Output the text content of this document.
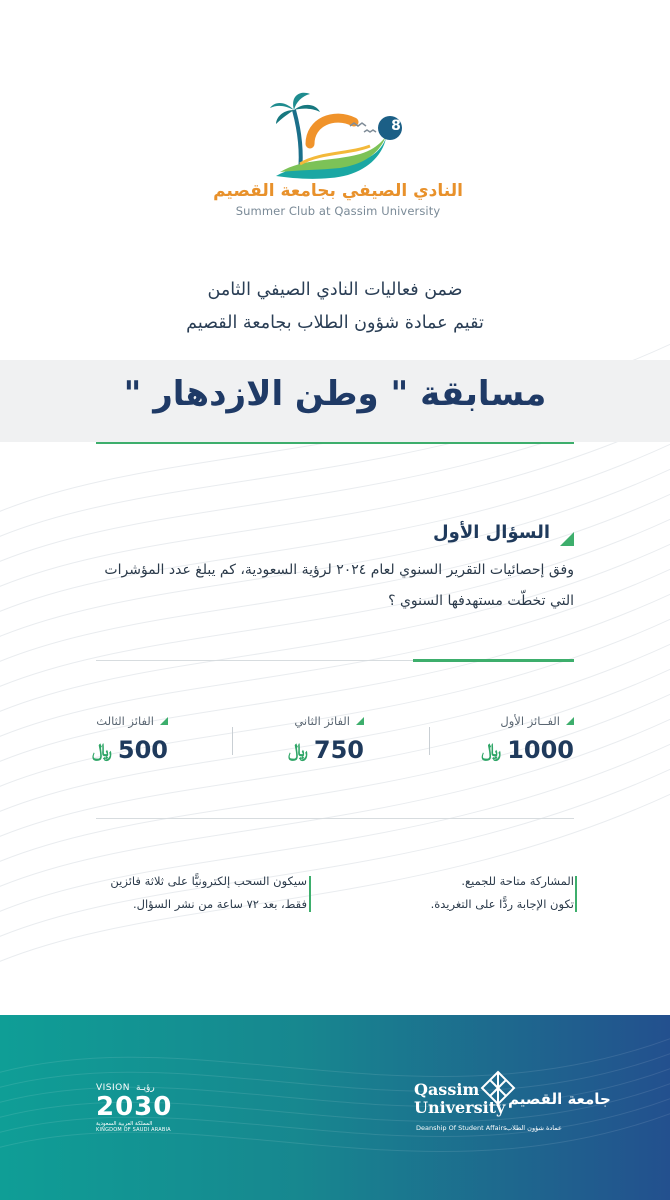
8
النادي الصيفي بجامعة القصيم
Summer Club at Qassim University
ضمن فعاليات النادي الصيفي الثامن
تقيم عمادة شؤون الطلاب بجامعة القصيم
مسابقة " وطن الازدهار "
السؤال الأول
وفق إحصائيات التقرير السنوي لعام ٢٠٢٤ لرؤية السعودية، كم يبلغ عدد المؤشرات
التي تخطّت مستهدفها السنوي ؟
الفــائز الأول
1000
﷼
الفائز الثاني
750
﷼
الفائز الثالث
500
﷼
المشاركة متاحة للجميع.
تكون الإجابة ردًّا على التغريدة.
سيكون السحب إلكترونيًّا على ثلاثة فائزين
فقط، بعد ٧٢ ساعة من نشر السؤال.
VISION رؤيـة
2030
المملكة العربية السعودية
KINGDOM OF SAUDI ARABIA
Qassim
University جامعة القصيم
Deanship Of Student Affairs عمادة شؤون الطلاب
